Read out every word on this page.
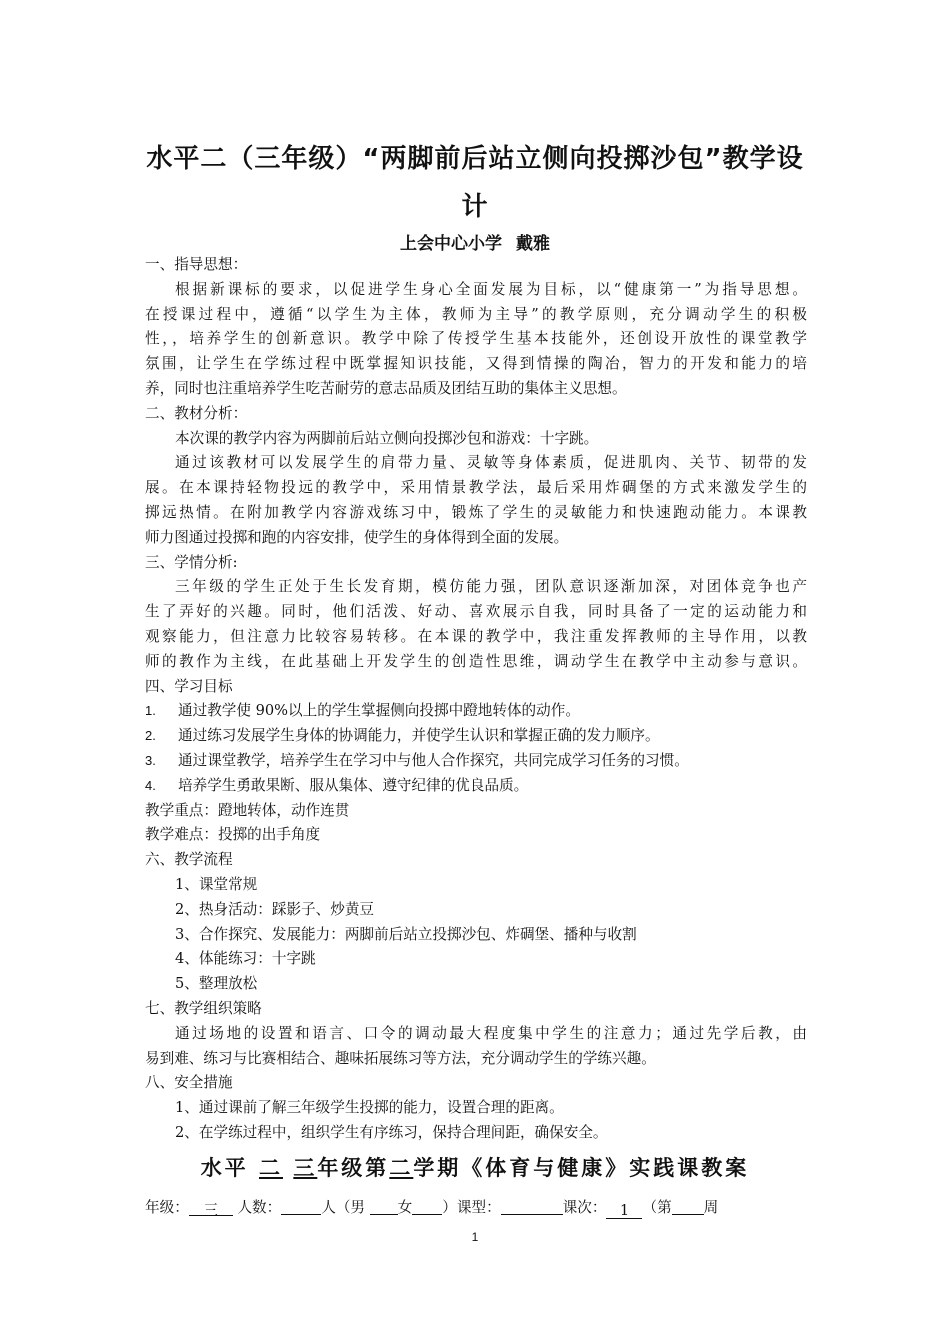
水平二（三年级）“两脚前后站立侧向投掷沙包”教学设
计
上会中心小学 戴雅
一、指导思想：
根据新课标的要求，以促进学生身心全面发展为目标，以“健康第一”为指导思想。
在授课过程中，遵循“以学生为主体，教师为主导”的教学原则，充分调动学生的积极
性，，培养学生的创新意识。教学中除了传授学生基本技能外，还创设开放性的课堂教学
氛围，让学生在学练过程中既掌握知识技能，又得到情操的陶冶，智力的开发和能力的培
养，同时也注重培养学生吃苦耐劳的意志品质及团结互助的集体主义思想。
二、教材分析：
本次课的教学内容为两脚前后站立侧向投掷沙包和游戏：十字跳。
通过该教材可以发展学生的肩带力量、灵敏等身体素质，促进肌肉、关节、韧带的发
展。在本课持轻物投远的教学中，采用情景教学法，最后采用炸碉堡的方式来激发学生的
掷远热情。在附加教学内容游戏练习中，锻炼了学生的灵敏能力和快速跑动能力。本课教
师力图通过投掷和跑的内容安排，使学生的身体得到全面的发展。
三、学情分析:
三年级的学生正处于生长发育期，模仿能力强，团队意识逐渐加深，对团体竞争也产
生了弄好的兴趣。同时，他们活泼、好动、喜欢展示自我，同时具备了一定的运动能力和
观察能力，但注意力比较容易转移。在本课的教学中，我注重发挥教师的主导作用，以教
师的教作为主线，在此基础上开发学生的创造性思维，调动学生在教学中主动参与意识。
四、学习目标
1. 通过教学使 90%以上的学生掌握侧向投掷中蹬地转体的动作。
2. 通过练习发展学生身体的协调能力，并使学生认识和掌握正确的发力顺序。
3. 通过课堂教学，培养学生在学习中与他人合作探究，共同完成学习任务的习惯。
4. 培养学生勇敢果断、服从集体、遵守纪律的优良品质。
教学重点：蹬地转体，动作连贯
教学难点：投掷的出手角度
六、教学流程
1、课堂常规
2、热身活动：踩影子、炒黄豆
3、合作探究、发展能力：两脚前后站立投掷沙包、炸碉堡、播种与收割
4、体能练习：十字跳
5、整理放松
七、教学组织策略
通过场地的设置和语言、口令的调动最大程度集中学生的注意力；通过先学后教，由
易到难、练习与比赛相结合、趣味拓展练习等方法，充分调动学生的学练兴趣。
八、安全措施
1、通过课前了解三年级学生投掷的能力，设置合理的距离。
2、在学练过程中，组织学生有序练习，保持合理间距，确保安全。
水平 二 三年级第二学期《体育与健康》实践课教案
年级： 三 人数：	人（男 女 ）课型：	课次： 1 （第 周
1
